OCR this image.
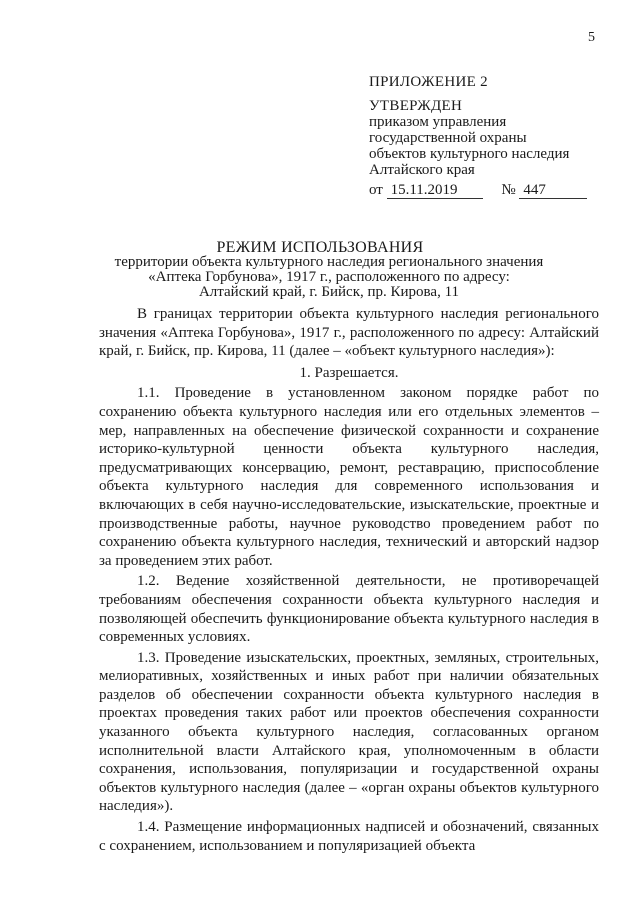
5
ПРИЛОЖЕНИЕ 2
УТВЕРЖДЕН
приказом управления
государственной охраны
объектов культурного наследия
Алтайского края
от 15.11.2019	№ 447
РЕЖИМ ИСПОЛЬЗОВАНИЯ
территории объекта культурного наследия регионального значения
«Аптека Горбунова», 1917 г., расположенного по адресу:
Алтайский край, г. Бийск, пр. Кирова, 11

В границах территории объекта культурного наследия регионального значения «Аптека Горбунова», 1917 г., расположенного по адресу: Алтайский край, г. Бийск, пр. Кирова, 11 (далее – «объект культурного наследия»):

1. Разрешается.

1.1. Проведение в установленном законом порядке работ по сохранению объекта культурного наследия или его отдельных элементов – мер, направленных на обеспечение физической сохранности и сохранение историко-культурной ценности объекта культурного наследия, предусматривающих консервацию, ремонт, реставрацию, приспособление объекта культурного наследия для современного использования и включающих в себя научно-исследовательские, изыскательские, проектные и производственные работы, научное руководство проведением работ по сохранению объекта культурного наследия, технический и авторский надзор за проведением этих работ.

1.2. Ведение хозяйственной деятельности, не противоречащей требованиям обеспечения сохранности объекта культурного наследия и позволяющей обеспечить функционирование объекта культурного наследия в современных условиях.

1.3. Проведение изыскательских, проектных, земляных, строительных, мелиоративных, хозяйственных и иных работ при наличии обязательных разделов об обеспечении сохранности объекта культурного наследия в проектах проведения таких работ или проектов обеспечения сохранности указанного объекта культурного наследия, согласованных органом исполнительной власти Алтайского края, уполномоченным в области сохранения, использования, популяризации и государственной охраны объектов культурного наследия (далее – «орган охраны объектов культурного наследия»).

1.4. Размещение информационных надписей и обозначений, связанных с сохранением, использованием и популяризацией объекта
